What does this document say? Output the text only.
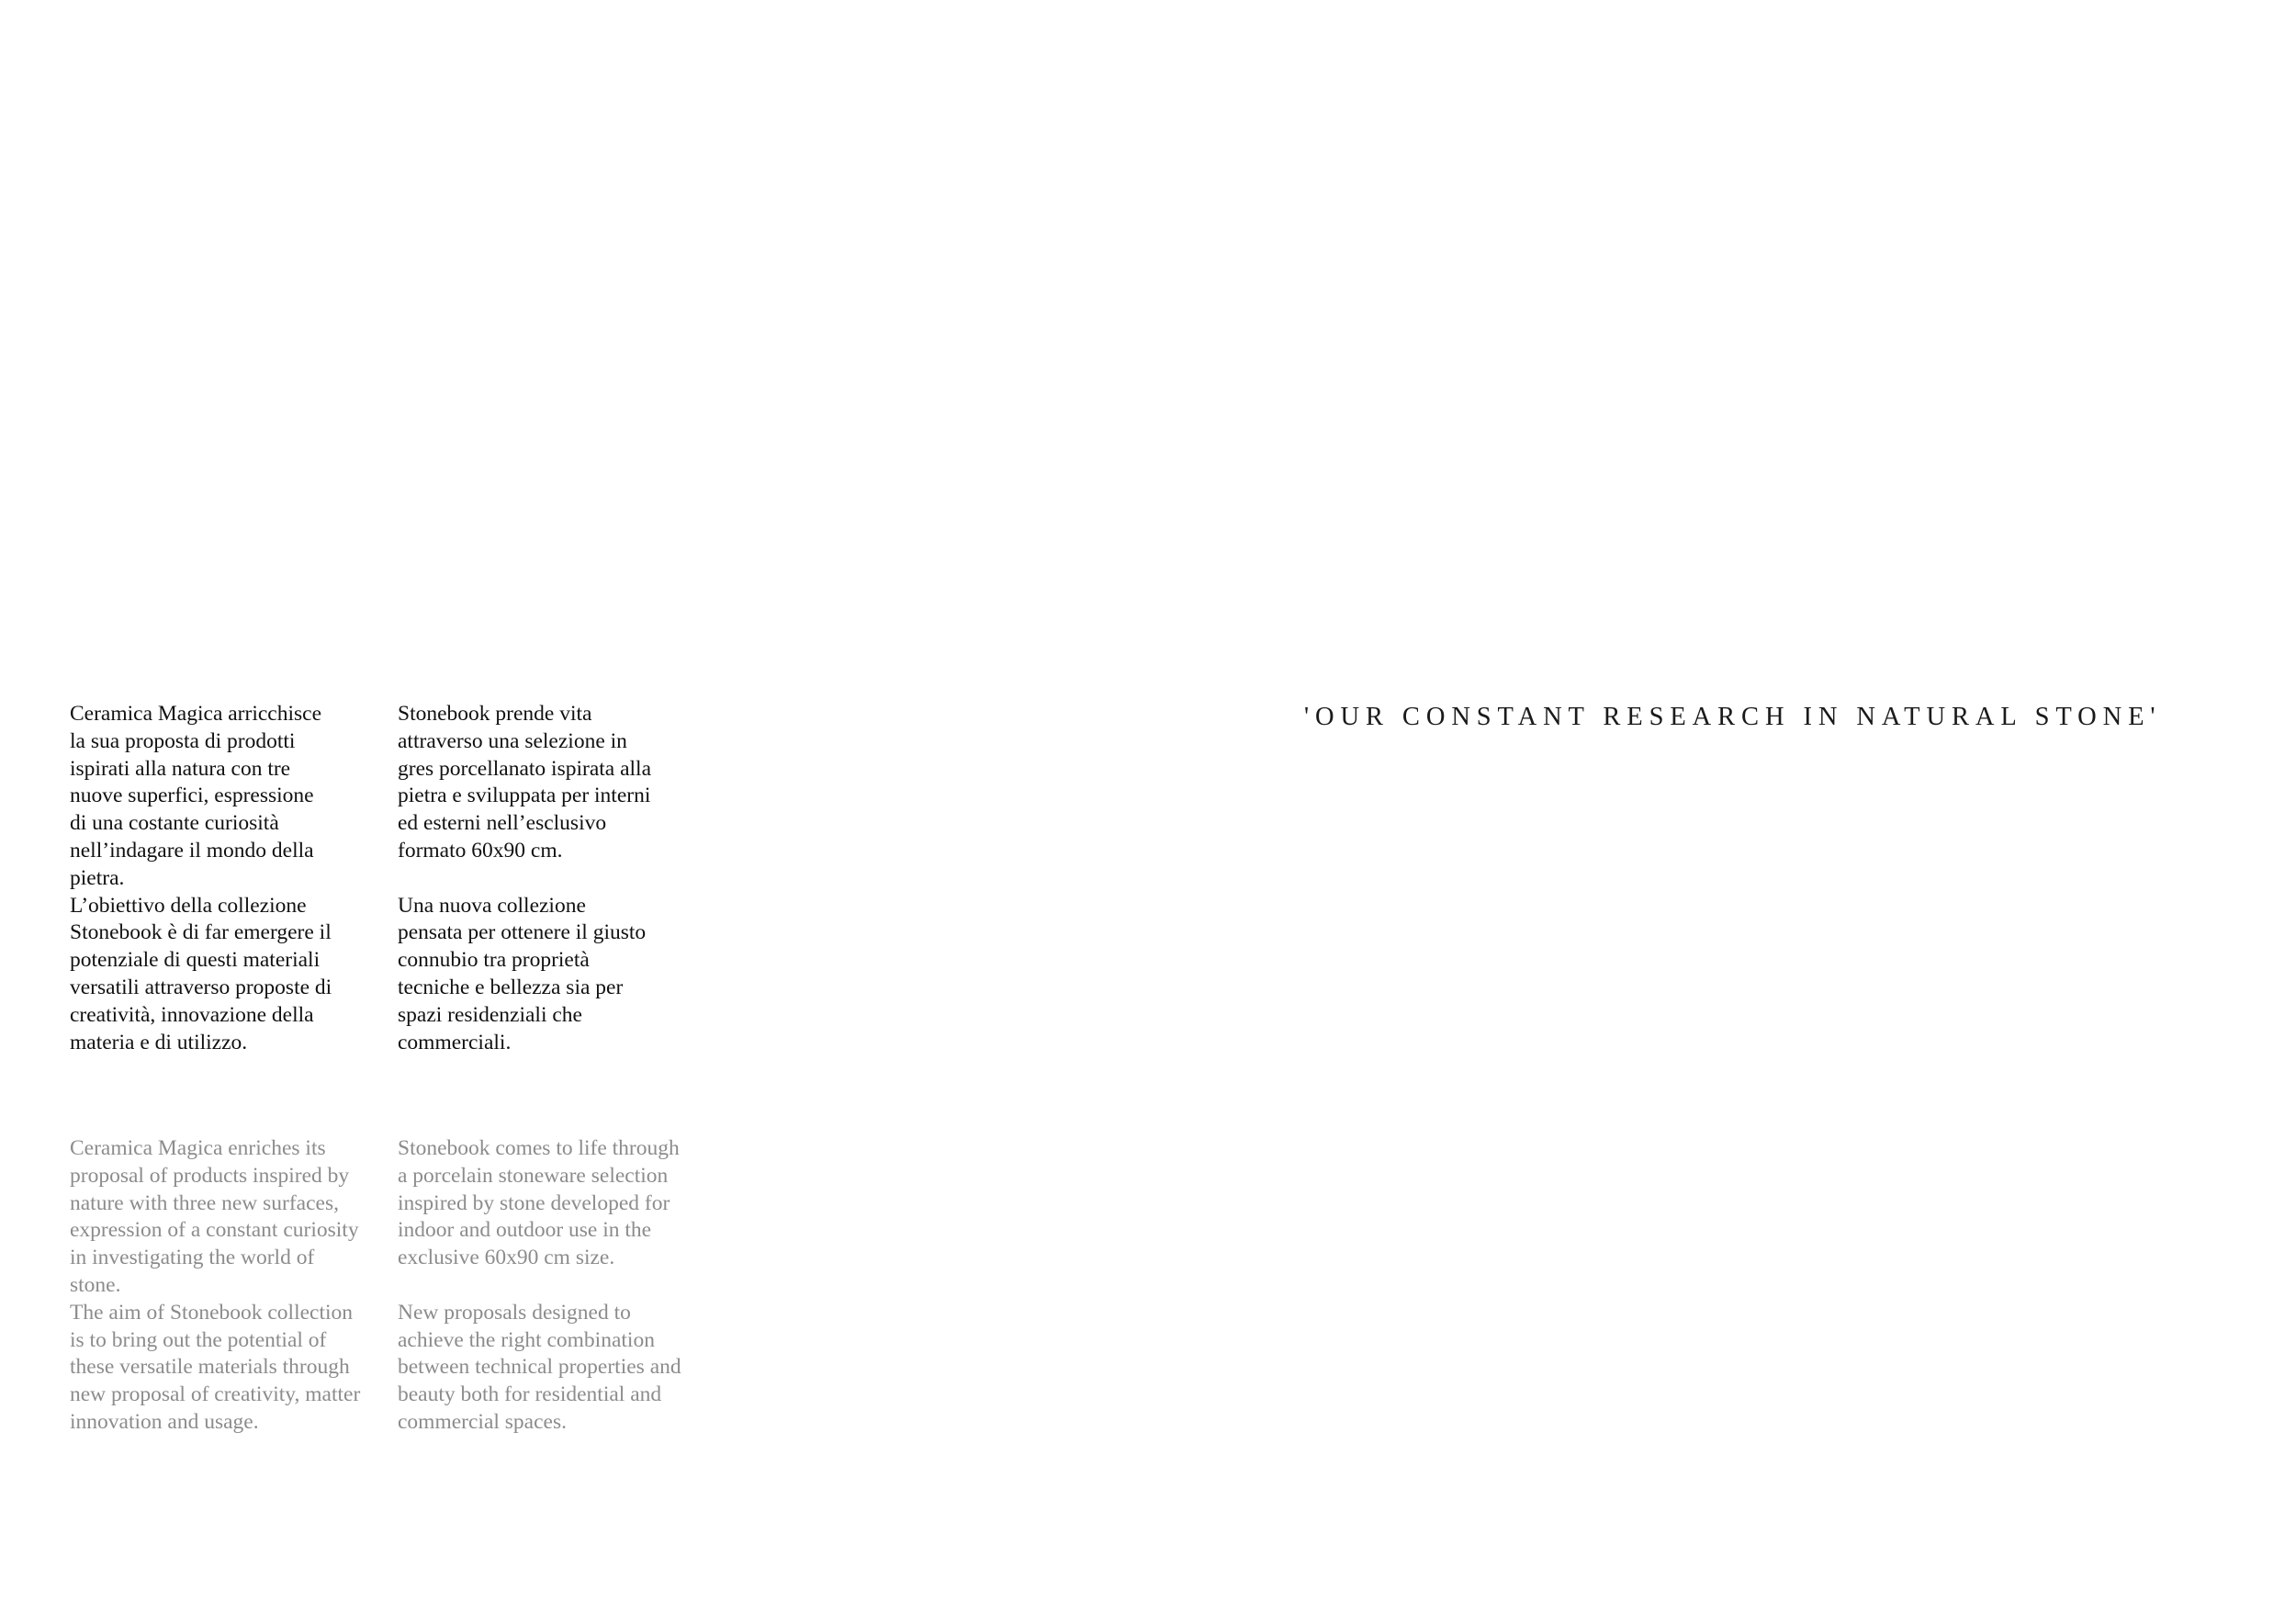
Ceramica Magica arricchisce
la sua proposta di prodotti
ispirati alla natura con tre
nuove superfici, espressione
di una costante curiosità
nell’indagare il mondo della
pietra.
L’obiettivo della collezione
Stonebook è di far emergere il
potenziale di questi materiali
versatili attraverso proposte di
creatività, innovazione della
materia e di utilizzo.

Stonebook prende vita
attraverso una selezione in
gres porcellanato ispirata alla
pietra e sviluppata per interni
ed esterni nell’esclusivo
formato 60x90 cm.

Una nuova collezione
pensata per ottenere il giusto
connubio tra proprietà
tecniche e bellezza sia per
spazi residenziali che
commerciali.

Ceramica Magica enriches its
proposal of products inspired by
nature with three new surfaces,
expression of a constant curiosity
in investigating the world of
stone.
The aim of Stonebook collection
is to bring out the potential of
these versatile materials through
new proposal of creativity, matter
innovation and usage.

Stonebook comes to life through
a porcelain stoneware selection
inspired by stone developed for
indoor and outdoor use in the
exclusive 60x90 cm size.

New proposals designed to
achieve the right combination
between technical properties and
beauty both for residential and
commercial spaces.

'OUR CONSTANT RESEARCH IN NATURAL STONE'
